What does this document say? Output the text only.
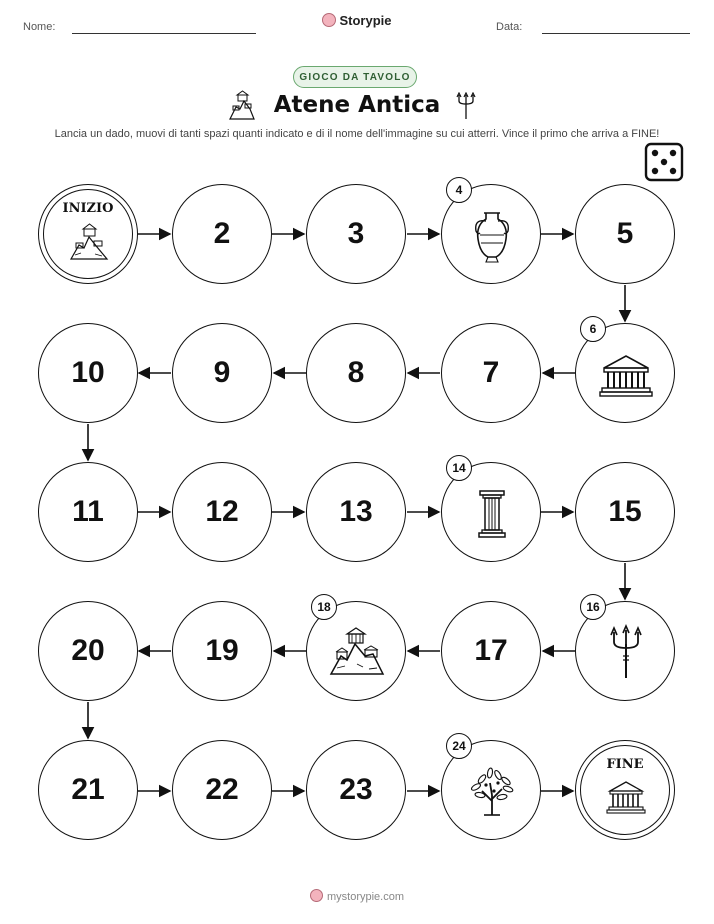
Nome:	Storypie	Data:
GIOCO DA TAVOLO
Atene Antica
Lancia un dado, muovi di tanti spazi quanti indicato e di il nome dell'immagine su cui atterri. Vince il primo che arriva a FINE!
INIZIO
2	3
4
5
10	9	8	7
6
11	12	13
14
15
20	19
18
17
16
21	22	23
24
FINE
mystorypie.com
